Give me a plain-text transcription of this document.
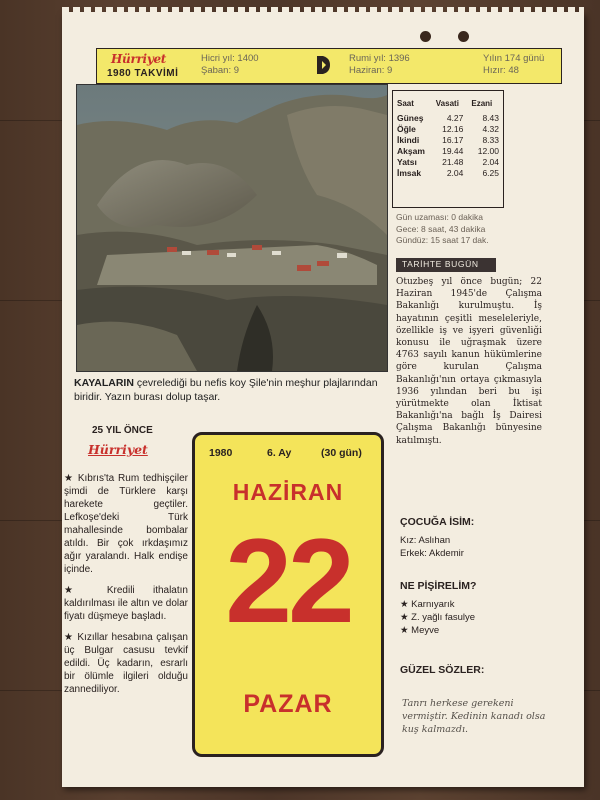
Hürriyet
1980 TAKVİMİ
Hicri yıl: 1400
Şaban: 9
Rumi yıl: 1396
Haziran: 9
Yılın 174 günü
Hızır: 48
KAYALARIN çevrelediği bu nefis koy Şile'nin meşhur plajlarından biridir. Yazın burası dolup taşar.
Saat	Vasati	Ezani
Güneş	4.27	8.43
Öğle	12.16	4.32
İkindi	16.17	8.33
Akşam	19.44	12.00
Yatsı	21.48	2.04
İmsak	2.04	6.25
Gün uzaması: 0 dakika
Gece: 8 saat, 43 dakika
Gündüz: 15 saat 17 dak.
TARİHTE BUGÜN
Otuzbeş yıl önce bugün; 22 Haziran 1945'de Çalışma Bakanlığı kurulmuştu. İş hayatının çeşitli meseleleriyle, özellikle iş ve işyeri güvenliği konusu ile uğraşmak üzere 4763 sayılı kanun hükümlerine göre kurulan Çalışma Bakanlığı'nın ortaya çıkmasıyla 1936 yılından beri bu işi yürütmekte olan İktisat Bakanlığı'na bağlı İş Dairesi Çalışma Bakanlığı bünyesine katılmıştı.
25 YIL ÖNCE
Hürriyet

★ Kıbrıs'ta Rum tedhişçiler şimdi de Türklere karşı harekete geçtiler. Lefkoşe'deki Türk mahallesinde bombalar atıldı. Bir çok ırkdaşımız ağır yaralandı. Halk endişe içinde.

★ Kredili ithalatın kaldırılması ile altın ve dolar fiyatı düşmeye başladı.

★ Kızıllar hesabına çalışan üç Bulgar casusu tevkif edildi. Üç kadarın, esrarlı bir ölümle ilgileri olduğu zannediliyor.

1980	6. Ay	(30 gün)
HAZİRAN
22
PAZAR
ÇOCUĞA İSİM:
Kız: Aslıhan
Erkek: Akdemir
NE PİŞİRELİM?
★ Karnıyarık
★ Z. yağlı fasulye
★ Meyve
GÜZEL SÖZLER:
Tanrı herkese gerekeni vermiştir. Kedinin kanadı olsa kuş kalmazdı.
